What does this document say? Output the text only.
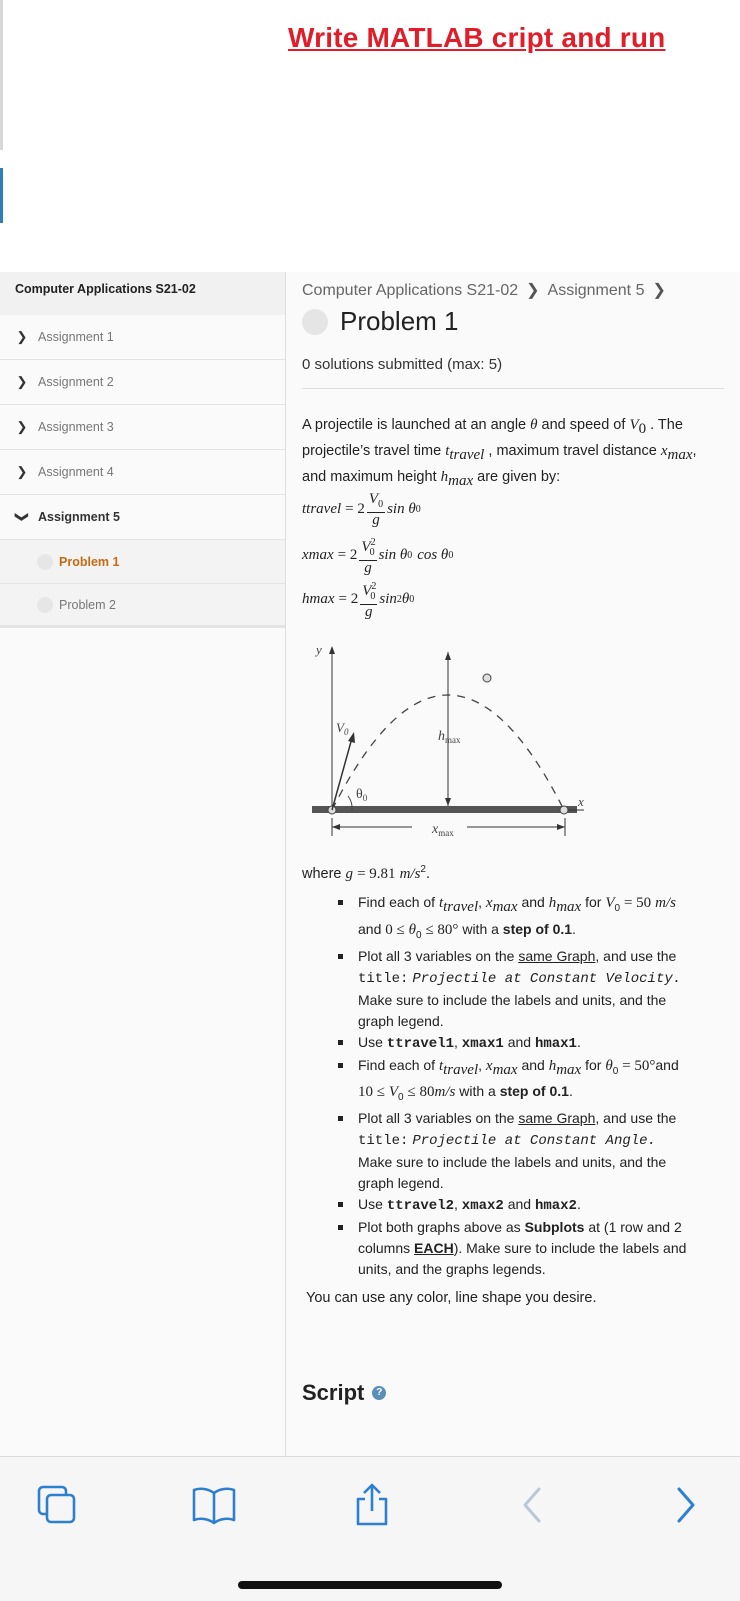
Write MATLAB cript and run
Computer Applications S21-02
❯ Assignment 1
❯ Assignment 2
❯ Assignment 3
❯ Assignment 4
❯ Assignment 5
Problem 1
Problem 2
Computer Applications S21-02 ❯ Assignment 5 ❯
Problem 1
0 solutions submitted (max: 5)
A projectile is launched at an angle θ and speed of $V_0$ . The projectile’s travel time $t_{travel}$ , maximum travel distance $x_{max}$, and maximum height $h_{max}$ are given by:
t travel = $2 \frac{V_0}{g}$ sin θ 0
x $\max = 2 \frac{V^2_0}{g}$ sin θ 0 cos θ 0
h $\max = 2 \frac{V^2_0}{g}$ sin 2 θ 0
y
x
$V_0$
$\theta_0$
$h_{max}$
$x_{max}$
where g = 9.81 $m/s^2$.
Find each of $t_{travel}$, $x_{max}$ and $h_{max}$ for $V_0 = 50$ m/s and $0 \le \theta_0 \le 80^\circ$ with a step of 0.1.
Plot all 3 variables on the same Graph, and use the title: Projectile at Constant Velocity. Make sure to include the labels and units, and the graph legend.
Use ttravel1, xmax1 and hmax1.
Find each of $t_{travel}$, $x_{max}$ and $h_{max}$ for $\theta_0 = 50^\circ and$ $10 \le V_0 \le 80m/s$ with a step of 0.1.
Plot all 3 variables on the same Graph, and use the title: Projectile at Constant Angle. Make sure to include the labels and units, and the graph legend.
Use ttravel2, xmax2 and hmax2.
Plot both graphs above as Subplots at (1 row and 2 columns EACH). Make sure to include the labels and units, and the graphs legends.
You can use any color, line shape you desire.
Script	?
